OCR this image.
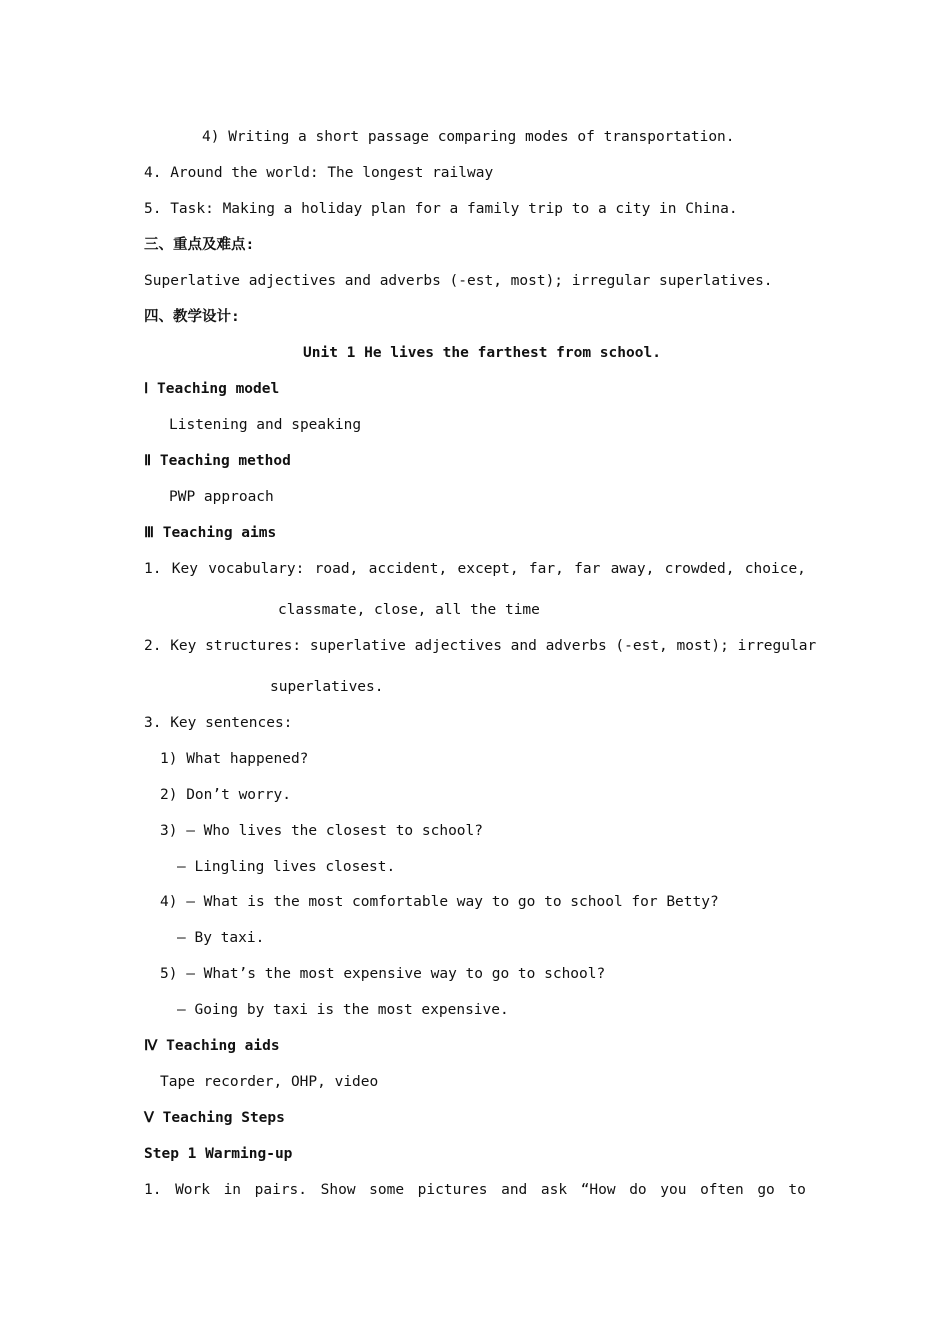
4) Writing a short passage comparing modes of transportation.
4. Around the world: The longest railway
5. Task: Making a holiday plan for a family trip to a city in China.
三、重点及难点:
Superlative adjectives and adverbs (-est, most); irregular superlatives.
四、教学设计:
Unit 1 He lives the farthest from school.
Ⅰ Teaching model
Listening and speaking
Ⅱ Teaching method
PWP approach
Ⅲ Teaching aims
1. Key vocabulary: road, accident, except, far, far away, crowded, choice,
classmate, close, all the time
2. Key structures: superlative adjectives and adverbs (-est, most); irregular
superlatives.
3. Key sentences:
1) What happened?
2) Don’t worry.
3) — Who lives the closest to school?
— Lingling lives closest.
4) — What is the most comfortable way to go to school for Betty?
— By taxi.
5) — What’s the most expensive way to go to school?
— Going by taxi is the most expensive.
Ⅳ Teaching aids
Tape recorder, OHP, video
Ⅴ Teaching Steps
Step 1 Warming-up
1. Work in pairs. Show some pictures and ask “How do you often go to
